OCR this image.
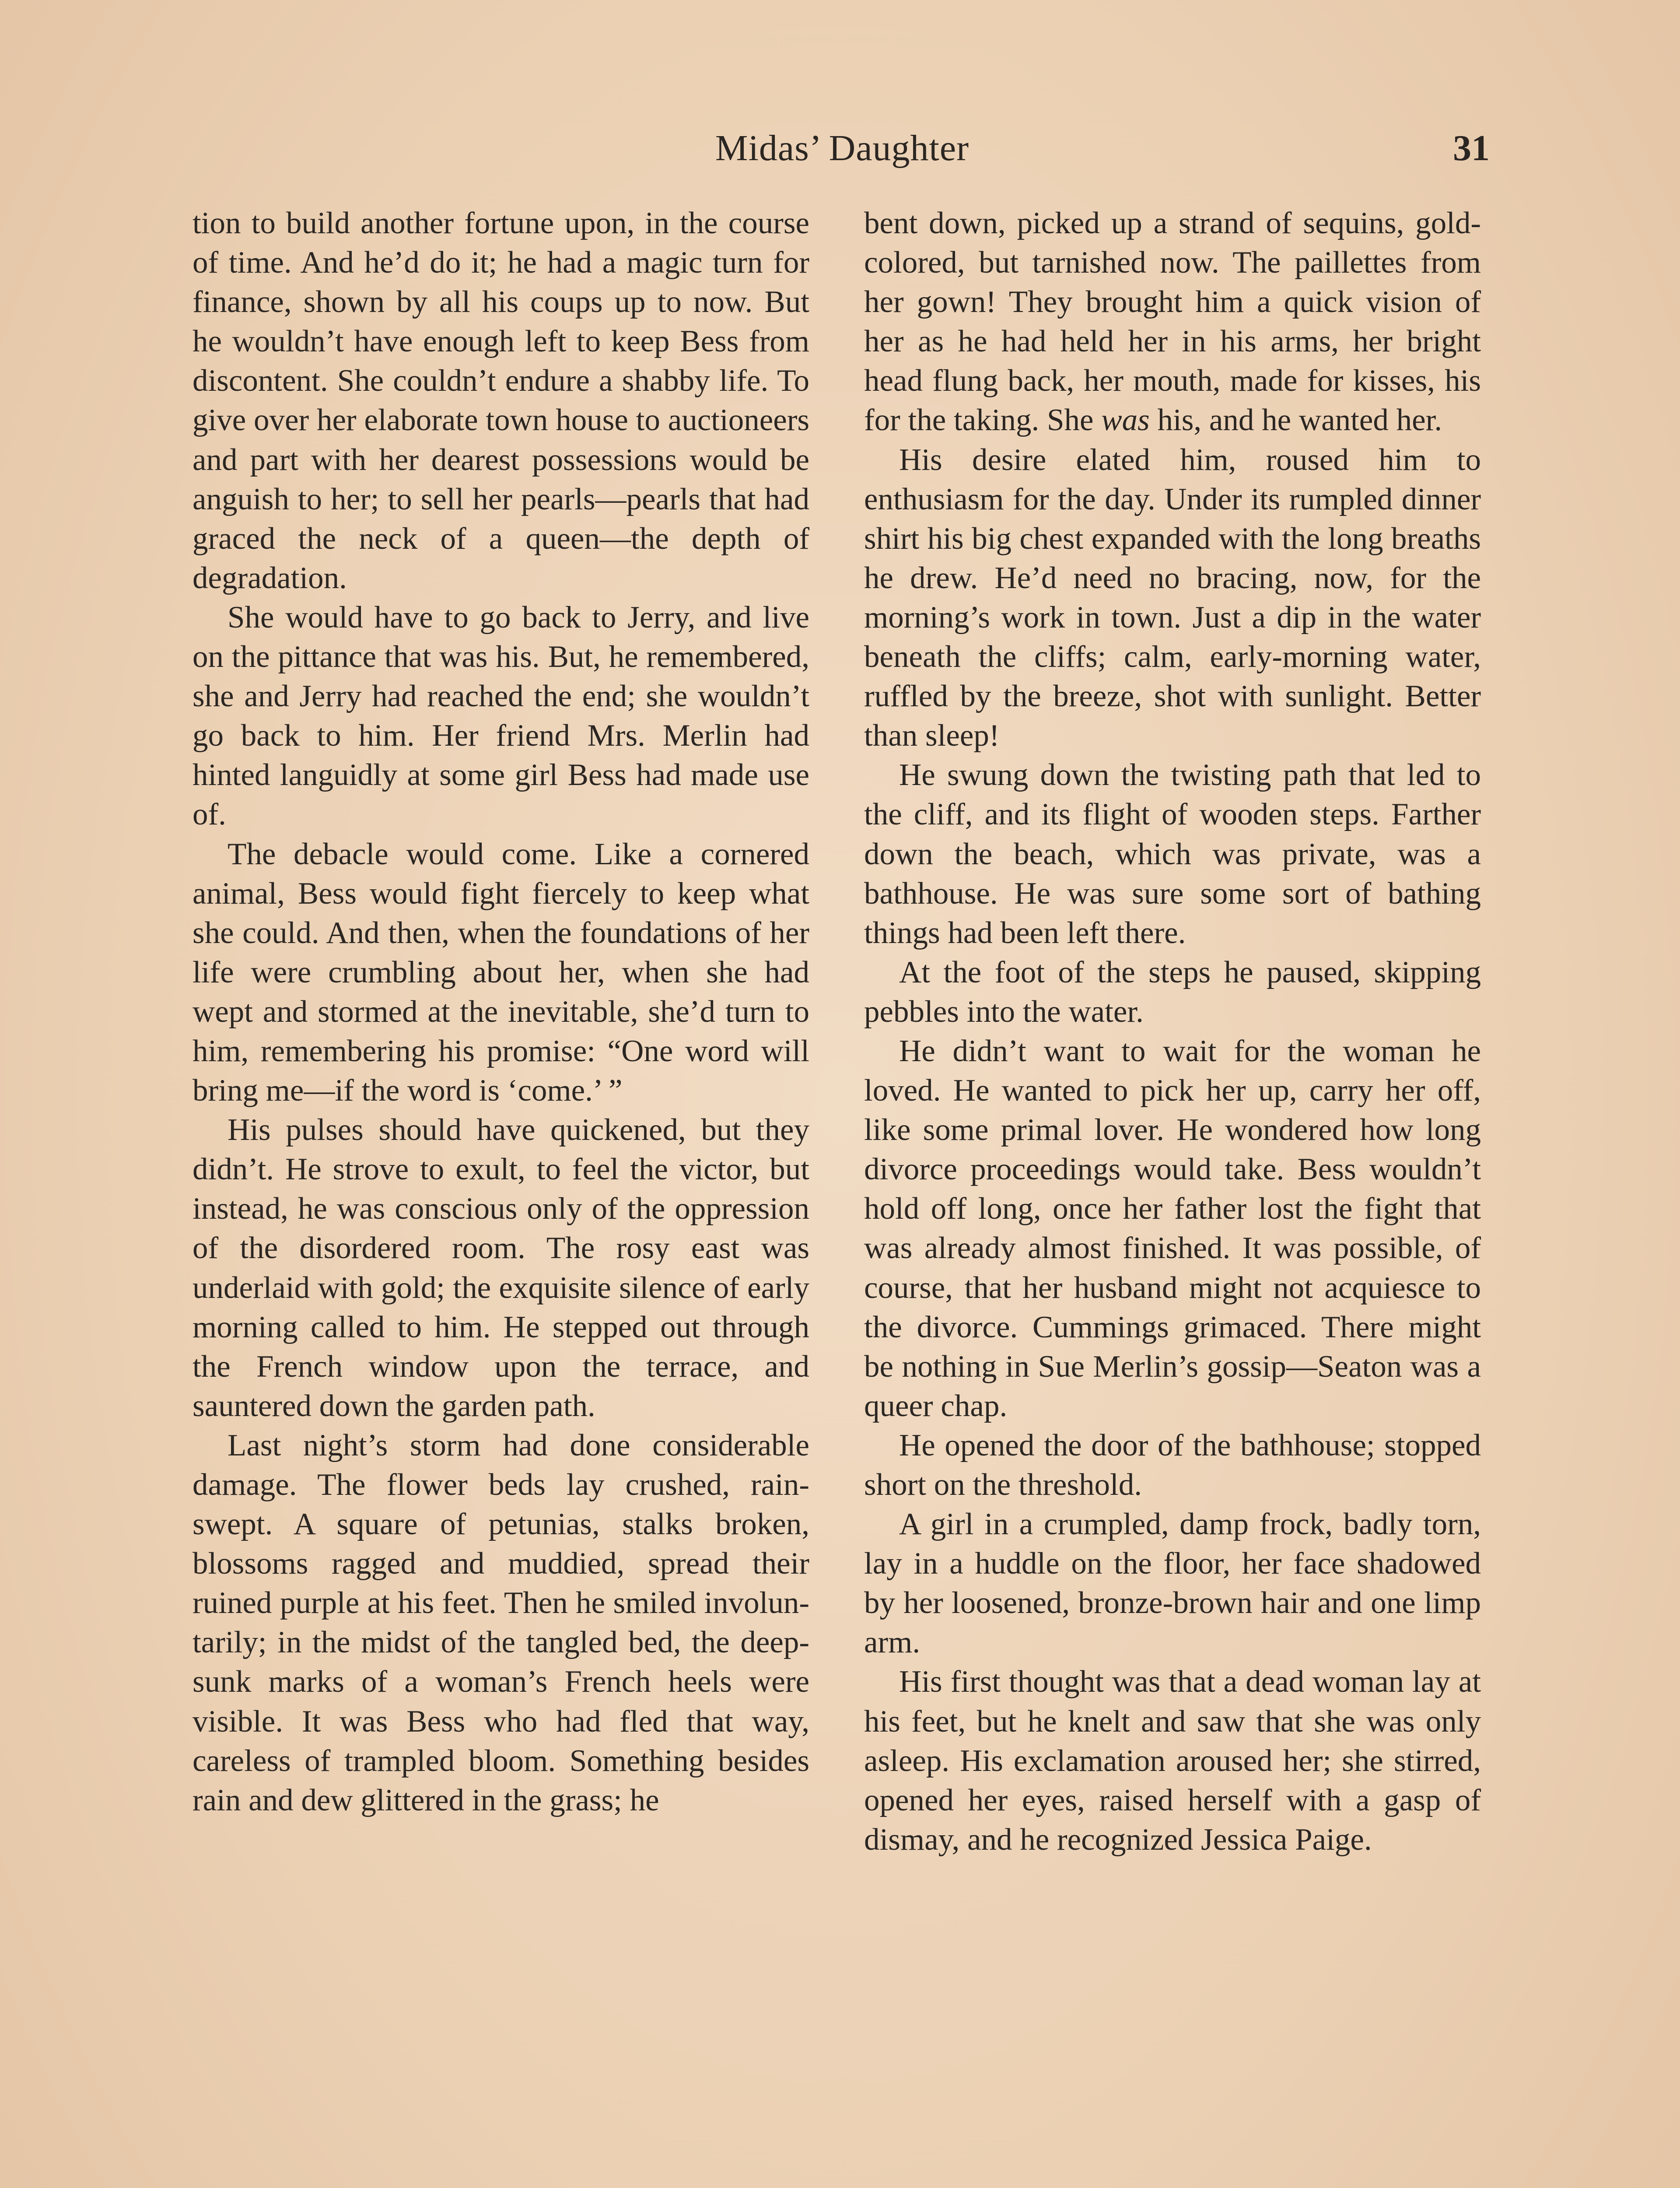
Midas’ Daughter	31

tion to build another fortune upon, in the course of time. And he’d do it; he had a magic turn for finance, shown by all his coups up to now. But he wouldn’t have enough left to keep Bess from discontent. She couldn’t endure a shabby life. To give over her elaborate town house to auctioneers and part with her dearest possessions would be anguish to her; to sell her pearls—pearls that had graced the neck of a queen—the depth of degradation.

She would have to go back to Jerry, and live on the pittance that was his. But, he remembered, she and Jerry had reached the end; she wouldn’t go back to him. Her friend Mrs. Merlin had hinted languidly at some girl Bess had made use of.

The debacle would come. Like a cornered animal, Bess would fight fiercely to keep what she could. And then, when the foundations of her life were crumbling about her, when she had wept and stormed at the inevitable, she’d turn to him, remembering his promise: “One word will bring me—if the word is ‘come.’ ”

His pulses should have quickened, but they didn’t. He strove to exult, to feel the victor, but instead, he was conscious only of the oppression of the disordered room. The rosy east was underlaid with gold; the exquisite silence of early morning called to him. He stepped out through the French window upon the terrace, and sauntered down the garden path.

Last night’s storm had done considerable damage. The flower beds lay crushed, rain-swept. A square of petunias, stalks broken, blossoms ragged and muddied, spread their ruined purple at his feet. Then he smiled involuntarily; in the midst of the tangled bed, the deep-sunk marks of a woman’s French heels were visible. It was Bess who had fled that way, careless of trampled bloom. Something besides rain and dew glittered in the grass; he

bent down, picked up a strand of sequins, gold-colored, but tarnished now. The paillettes from her gown! They brought him a quick vision of her as he had held her in his arms, her bright head flung back, her mouth, made for kisses, his for the taking. She was his, and he wanted her.

His desire elated him, roused him to enthusiasm for the day. Under its rumpled dinner shirt his big chest expanded with the long breaths he drew. He’d need no bracing, now, for the morning’s work in town. Just a dip in the water beneath the cliffs; calm, early-morning water, ruffled by the breeze, shot with sunlight. Better than sleep!

He swung down the twisting path that led to the cliff, and its flight of wooden steps. Farther down the beach, which was private, was a bathhouse. He was sure some sort of bathing things had been left there.

At the foot of the steps he paused, skipping pebbles into the water.

He didn’t want to wait for the woman he loved. He wanted to pick her up, carry her off, like some primal lover. He wondered how long divorce proceedings would take. Bess wouldn’t hold off long, once her father lost the fight that was already almost finished. It was possible, of course, that her husband might not acquiesce to the divorce. Cummings grimaced. There might be nothing in Sue Merlin’s gossip—Seaton was a queer chap.

He opened the door of the bathhouse; stopped short on the threshold.

A girl in a crumpled, damp frock, badly torn, lay in a huddle on the floor, her face shadowed by her loosened, bronze-brown hair and one limp arm.

His first thought was that a dead woman lay at his feet, but he knelt and saw that she was only asleep. His exclamation aroused her; she stirred, opened her eyes, raised herself with a gasp of dismay, and he recognized Jessica Paige.
